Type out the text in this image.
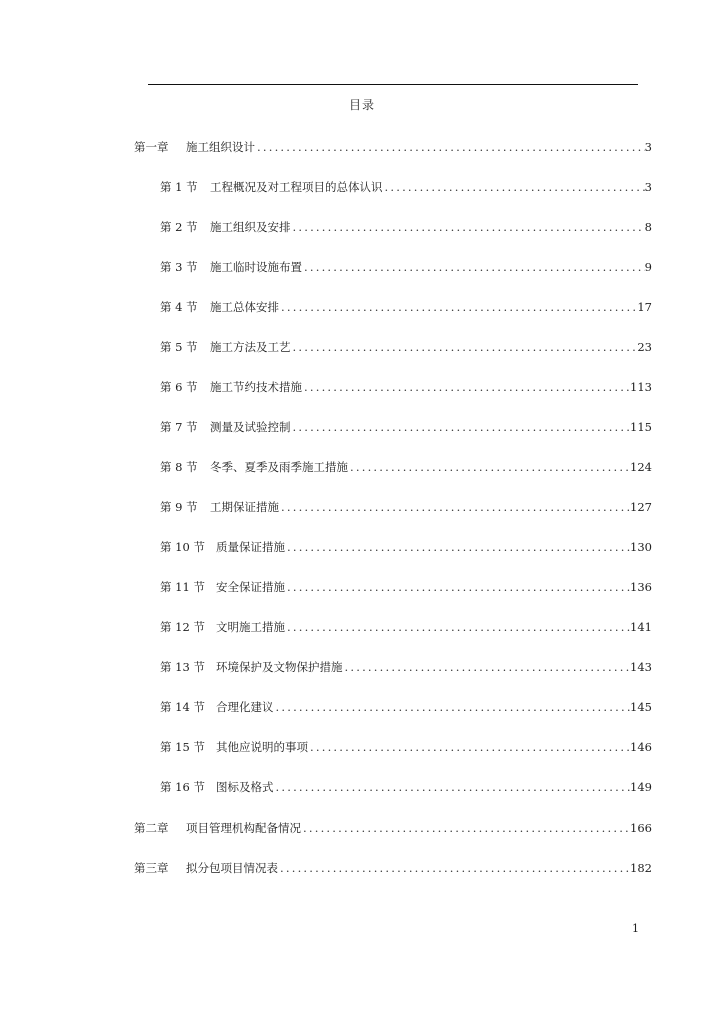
目录
第一章	施工组织设计 .....	3
第 1 节	工程概况及对工程项目的总体认识 .....	3
第 2 节	施工组织及安排 .....	8
第 3 节	施工临时设施布置 .....	9
第 4 节	施工总体安排 .....	17
第 5 节	施工方法及工艺 .....	23
第 6 节	施工节约技术措施 .....	113
第 7 节	测量及试验控制 .....	115
第 8 节	冬季、夏季及雨季施工措施 .....	124
第 9 节	工期保证措施 .....	127
第 10 节 质量保证措施 .....	130
第 11 节 安全保证措施 .....	136
第 12 节 文明施工措施 .....	141
第 13 节 环境保护及文物保护措施 .....	143
第 14 节 合理化建议 .....	145
第 15 节 其他应说明的事项 .....	146
第 16 节 图标及格式 .....	149
第二章	项目管理机构配备情况 .....	166
第三章	拟分包项目情况表 .....	182
1
